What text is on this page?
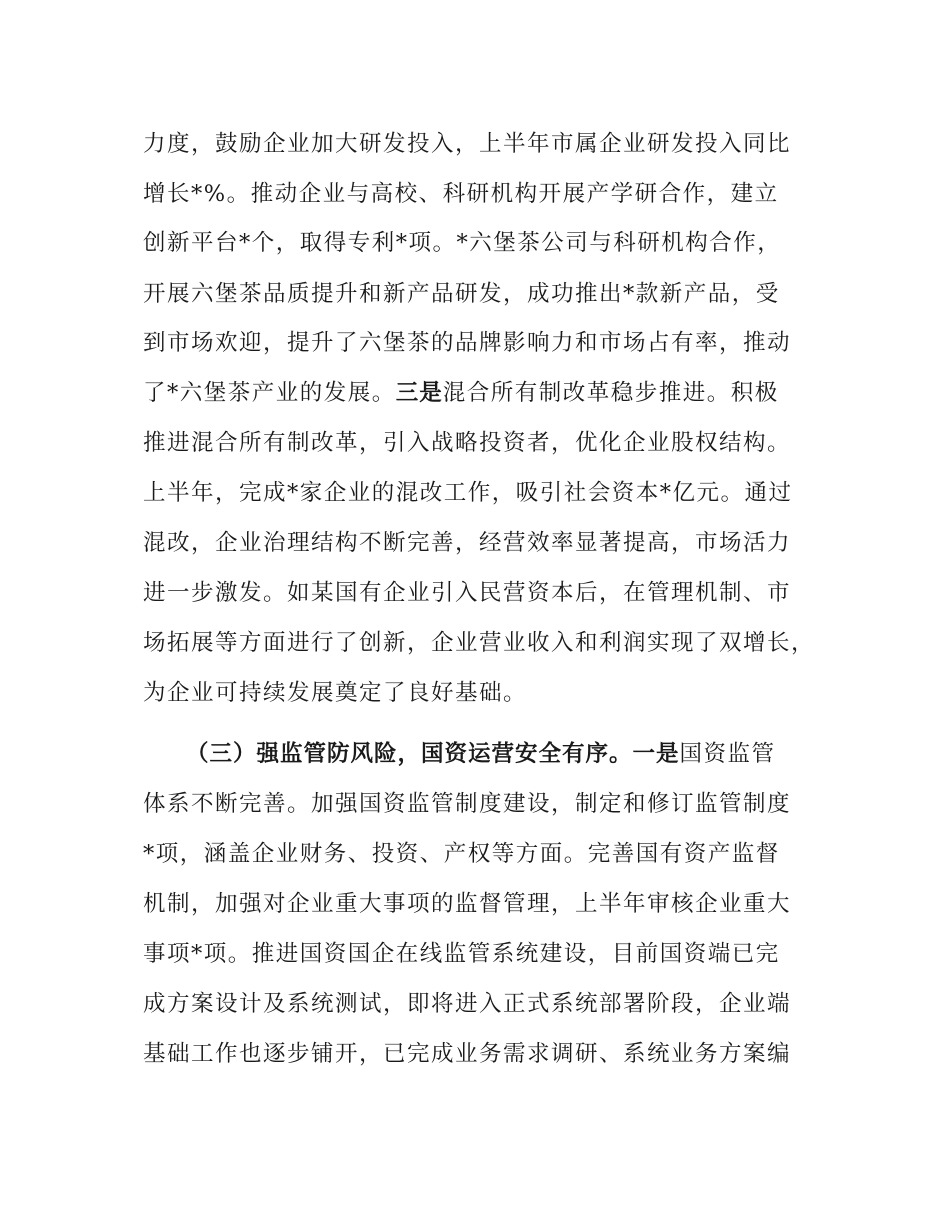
力度，鼓励企业加大研发投入，上半年市属企业研发投入同比
增长*%。推动企业与高校、科研机构开展产学研合作，建立
创新平台*个，取得专利*项。*六堡茶公司与科研机构合作，
开展六堡茶品质提升和新产品研发，成功推出*款新产品，受
到市场欢迎，提升了六堡茶的品牌影响力和市场占有率，推动
了*六堡茶产业的发展。三是混合所有制改革稳步推进。积极
推进混合所有制改革，引入战略投资者，优化企业股权结构。
上半年，完成*家企业的混改工作，吸引社会资本*亿元。通过
混改，企业治理结构不断完善，经营效率显著提高，市场活力
进一步激发。如某国有企业引入民营资本后，在管理机制、市
场拓展等方面进行了创新，企业营业收入和利润实现了双增长，
为企业可持续发展奠定了良好基础。
（三）强监管防风险，国资运营安全有序。一是国资监管
体系不断完善。加强国资监管制度建设，制定和修订监管制度
*项，涵盖企业财务、投资、产权等方面。完善国有资产监督
机制，加强对企业重大事项的监督管理，上半年审核企业重大
事项*项。推进国资国企在线监管系统建设，目前国资端已完
成方案设计及系统测试，即将进入正式系统部署阶段，企业端
基础工作也逐步铺开，已完成业务需求调研、系统业务方案编
